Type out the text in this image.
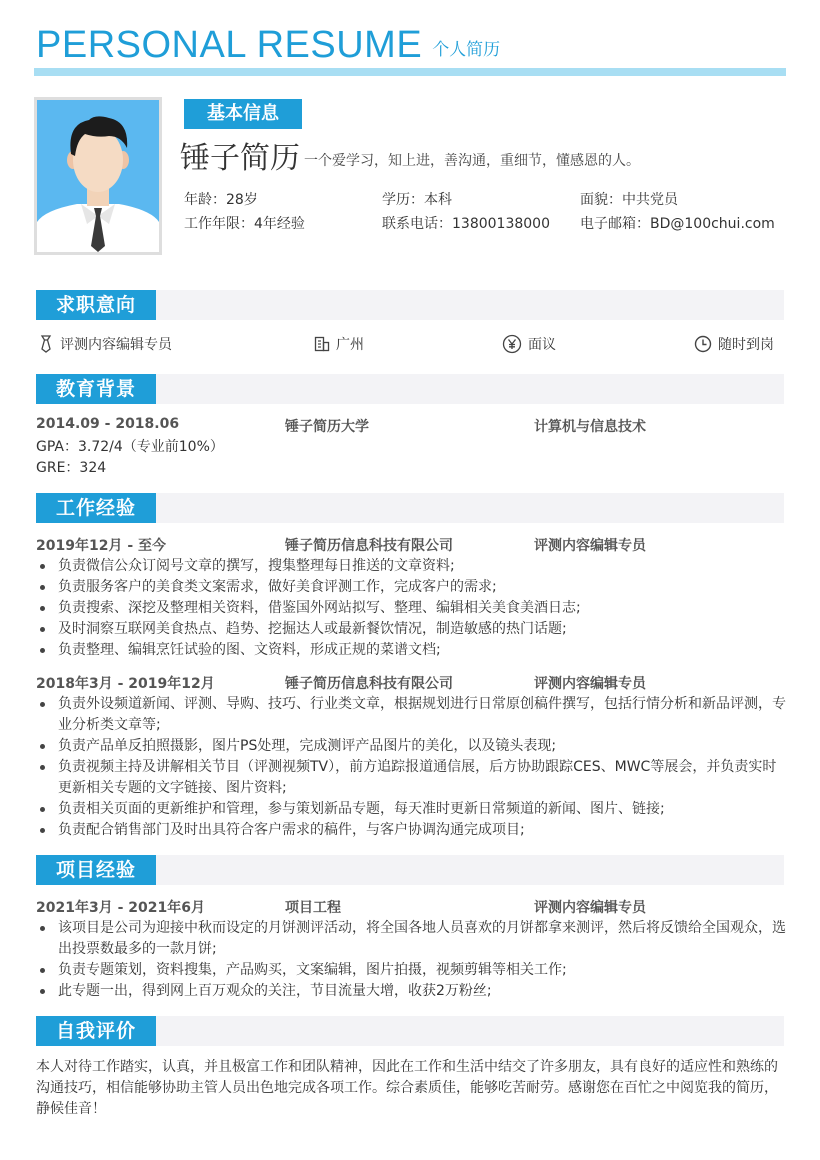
PERSONAL RESUME 个人简历
基本信息
锤子简历 一个爱学习，知上进，善沟通，重细节，懂感恩的人。
年龄：28岁	学历：本科	面貌：中共党员
工作年限：4年经验	联系电话：13800138000	电子邮箱：BD@100chui.com
求职意向
评测内容编辑专员	广州	面议	随时到岗
教育背景
2014.09 - 2018.06	锤子简历大学	计算机与信息技术
GPA：3.72/4（专业前10%）
GRE：324
工作经验
2019年12月 - 至今	锤子简历信息科技有限公司	评测内容编辑专员
负责微信公众订阅号文章的撰写，搜集整理每日推送的文章资料;
负责服务客户的美食类文案需求，做好美食评测工作，完成客户的需求;
负责搜索、深挖及整理相关资料，借鉴国外网站拟写、整理、编辑相关美食美酒日志;
及时洞察互联网美食热点、趋势、挖掘达人或最新餐饮情况，制造敏感的热门话题;
负责整理、编辑烹饪试验的图、文资料，形成正规的菜谱文档;
2018年3月 - 2019年12月	锤子简历信息科技有限公司	评测内容编辑专员
负责外设频道新闻、评测、导购、技巧、行业类文章，根据规划进行日常原创稿件撰写，包括行情分析和新品评测，专业分析类文章等;
负责产品单反拍照摄影，图片PS处理，完成测评产品图片的美化，以及镜头表现;
负责视频主持及讲解相关节目（评测视频TV），前方追踪报道通信展，后方协助跟踪CES、MWC等展会，并负责实时更新相关专题的文字链接、图片资料;
负责相关页面的更新维护和管理，参与策划新品专题，每天准时更新日常频道的新闻、图片、链接;
负责配合销售部门及时出具符合客户需求的稿件，与客户协调沟通完成项目;
项目经验
2021年3月 - 2021年6月	项目工程	评测内容编辑专员
该项目是公司为迎接中秋而设定的月饼测评活动，将全国各地人员喜欢的月饼都拿来测评，然后将反馈给全国观众，选出投票数最多的一款月饼;
负责专题策划，资料搜集，产品购买，文案编辑，图片拍摄，视频剪辑等相关工作;
此专题一出，得到网上百万观众的关注，节目流量大增，收获2万粉丝;
自我评价
本人对待工作踏实，认真，并且极富工作和团队精神，因此在工作和生活中结交了许多朋友，具有良好的适应性和熟练的沟通技巧，相信能够协助主管人员出色地完成各项工作。综合素质佳，能够吃苦耐劳。感谢您在百忙之中阅览我的简历，静候佳音！
